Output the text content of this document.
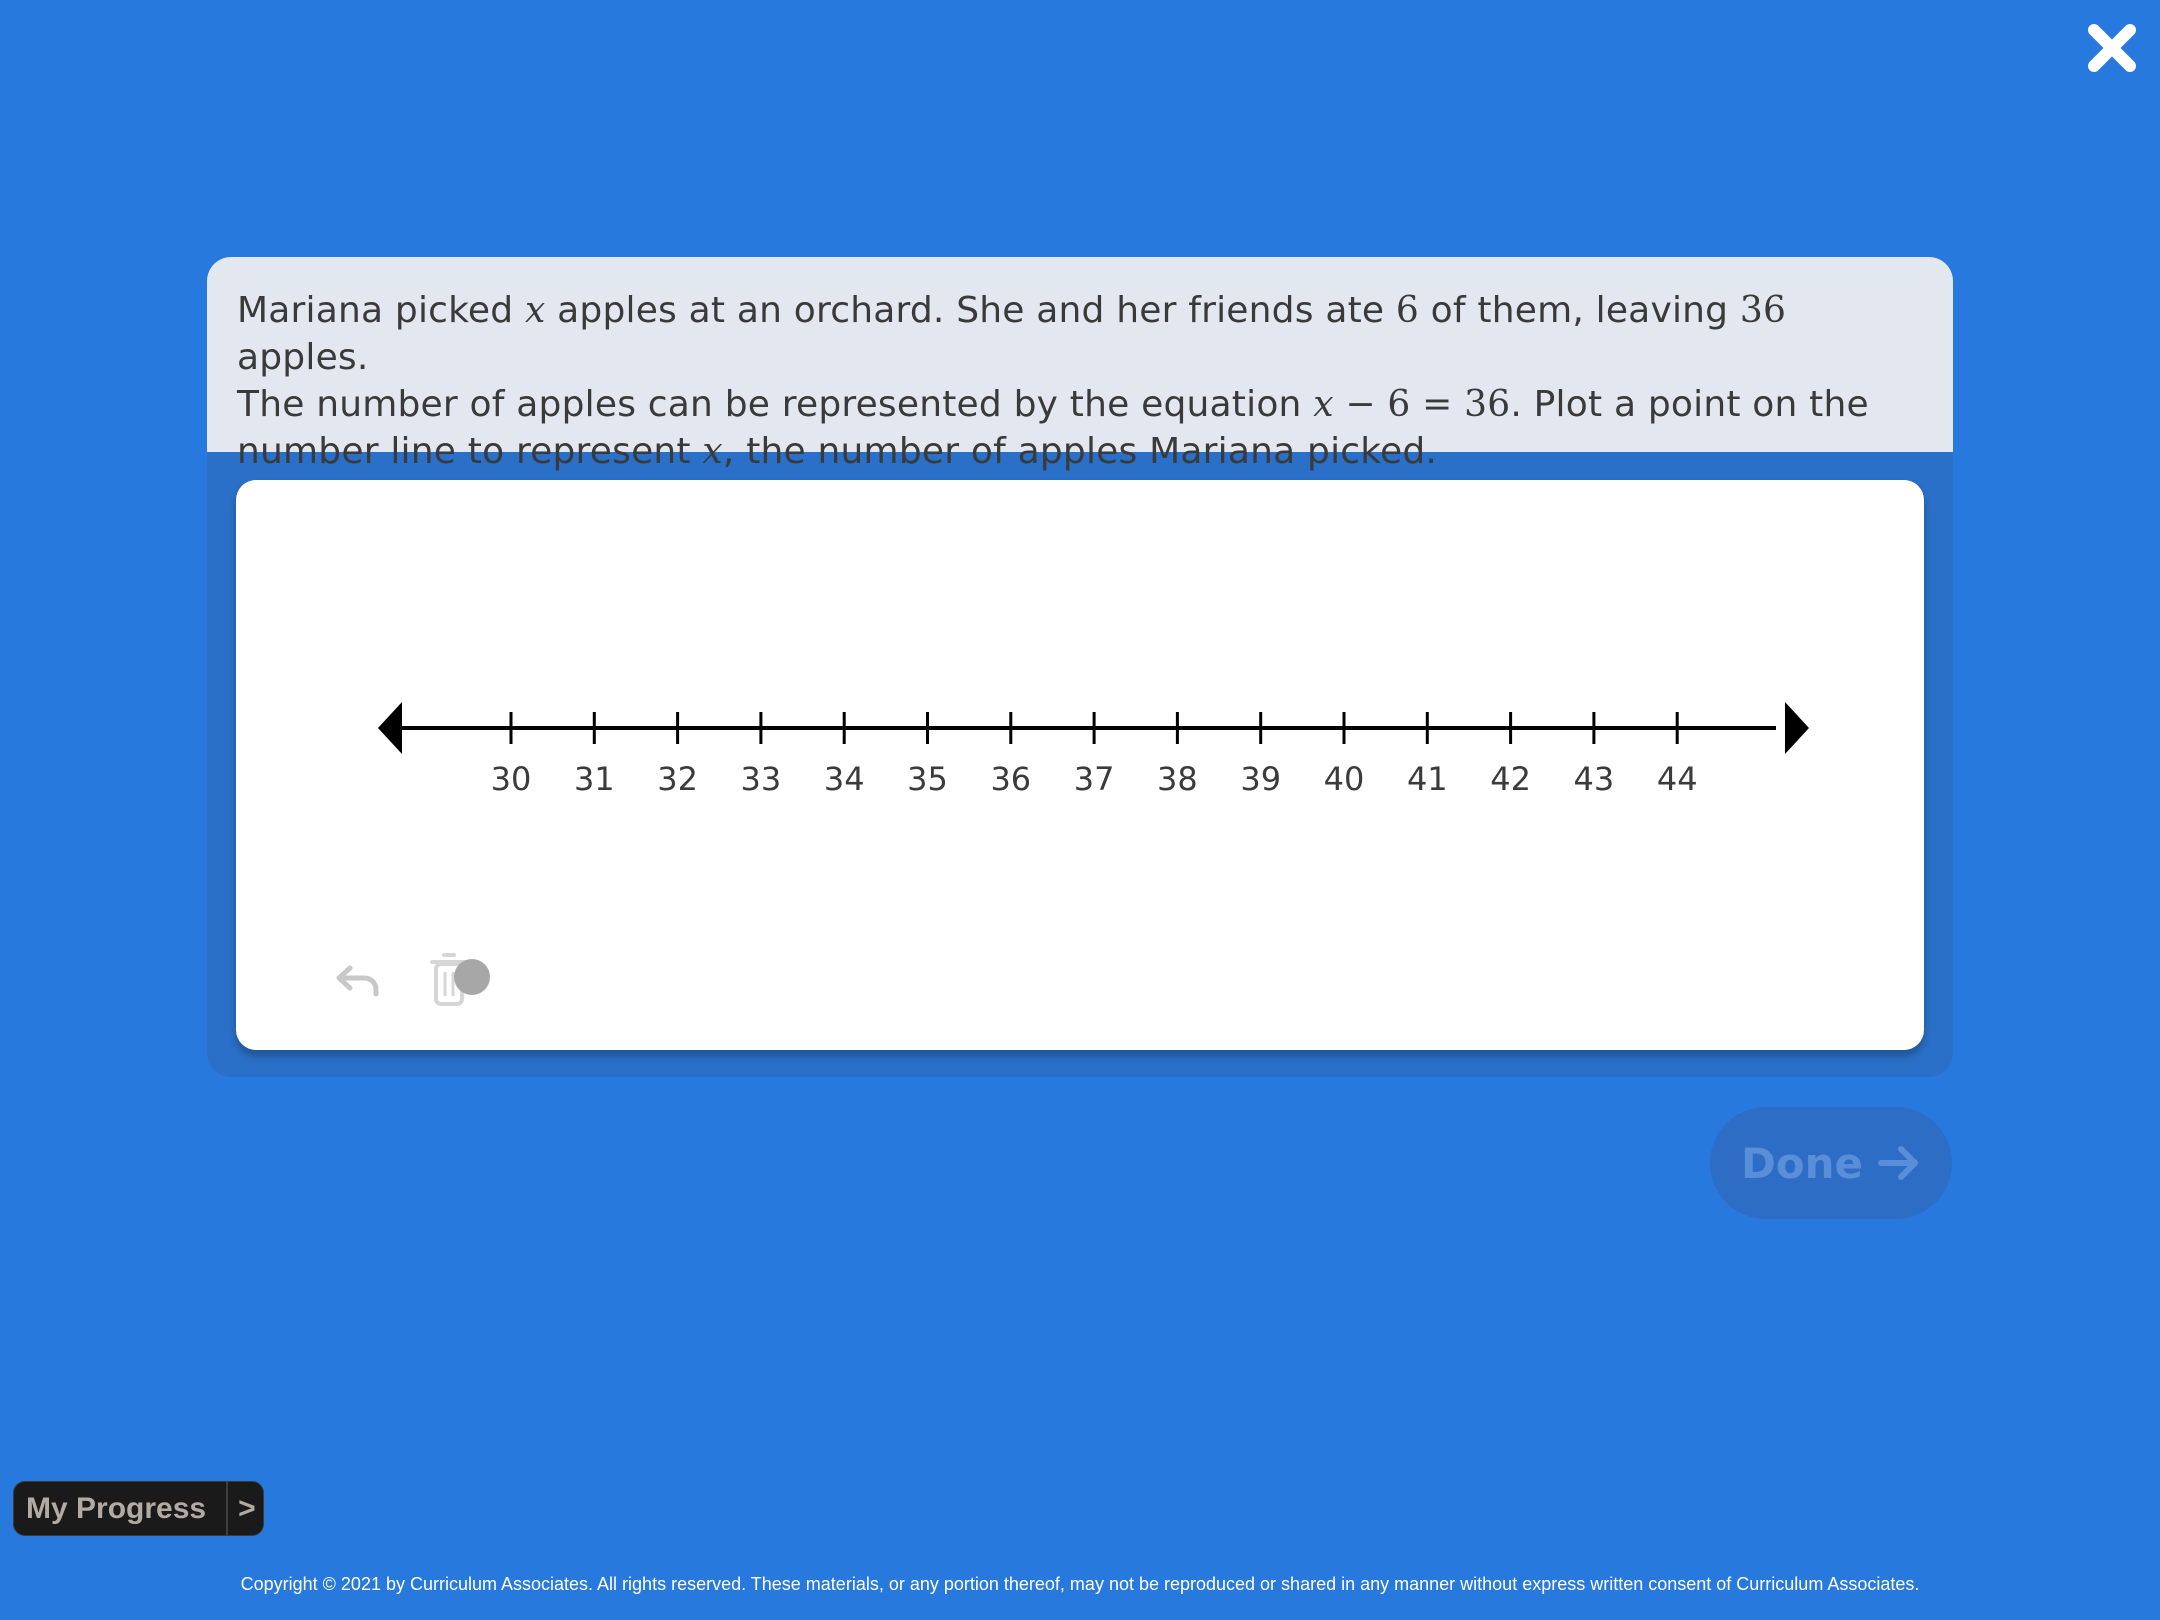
Mariana picked x apples at an orchard. She and her friends ate 6 of them, leaving 36 apples.
The number of apples can be represented by the equation x − 6 = 36. Plot a point on the
number line to represent x, the number of apples Mariana picked.
30 31 32 33 34 35 36 37 38 39 40 41 42 43 44
Done
My Progress	>
Copyright © 2021 by Curriculum Associates. All rights reserved. These materials, or any portion thereof, may not be reproduced or shared in any manner without express written consent of Curriculum Associates.
